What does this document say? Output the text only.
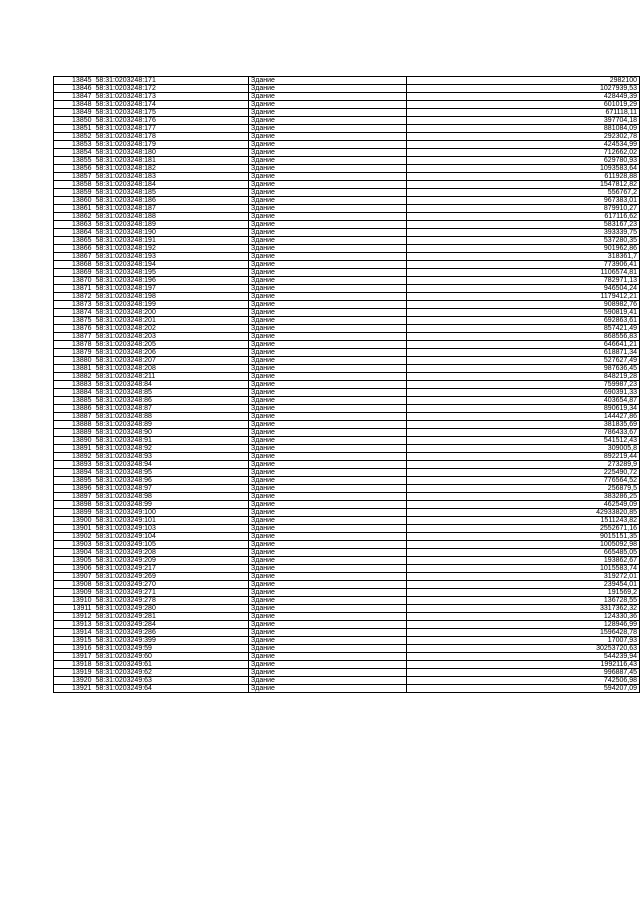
13845	58:31:0203248:171	Здание	2982100
13846	58:31:0203248:172	Здание	1027939,53
13847	58:31:0203248:173	Здание	428449,39
13848	58:31:0203248:174	Здание	601019,29
13849	58:31:0203248:175	Здание	671118,11
13850	58:31:0203248:176	Здание	397704,18
13851	58:31:0203248:177	Здание	881084,09
13852	58:31:0203248:178	Здание	292302,78
13853	58:31:0203248:179	Здание	424534,99
13854	58:31:0203248:180	Здание	712662,02
13855	58:31:0203248:181	Здание	629780,93
13856	58:31:0203248:182	Здание	1093583,64
13857	58:31:0203248:183	Здание	611928,88
13858	58:31:0203248:184	Здание	1547812,82
13859	58:31:0203248:185	Здание	556767,2
13860	58:31:0203248:186	Здание	967383,01
13861	58:31:0203248:187	Здание	879910,27
13862	58:31:0203248:188	Здание	617116,62
13863	58:31:0203248:189	Здание	583167,23
13864	58:31:0203248:190	Здание	393339,75
13865	58:31:0203248:191	Здание	537280,35
13866	58:31:0203248:192	Здание	901962,86
13867	58:31:0203248:193	Здание	318361,7
13868	58:31:0203248:194	Здание	773906,41
13869	58:31:0203248:195	Здание	1106574,81
13870	58:31:0203248:196	Здание	782971,13
13871	58:31:0203248:197	Здание	946504,24
13872	58:31:0203248:198	Здание	1179412,21
13873	58:31:0203248:199	Здание	908982,76
13874	58:31:0203248:200	Здание	590819,41
13875	58:31:0203248:201	Здание	692863,61
13876	58:31:0203248:202	Здание	857421,49
13877	58:31:0203248:203	Здание	868556,83
13878	58:31:0203248:205	Здание	646641,21
13879	58:31:0203248:206	Здание	618871,34
13880	58:31:0203248:207	Здание	527627,49
13881	58:31:0203248:208	Здание	987636,45
13882	58:31:0203248:211	Здание	848219,28
13883	58:31:0203248:84	Здание	759987,23
13884	58:31:0203248:85	Здание	690391,33
13885	58:31:0203248:86	Здание	403654,87
13886	58:31:0203248:87	Здание	890619,34
13887	58:31:0203248:88	Здание	144427,86
13888	58:31:0203248:89	Здание	381835,69
13889	58:31:0203248:90	Здание	786433,67
13890	58:31:0203248:91	Здание	541512,43
13891	58:31:0203248:92	Здание	309005,8
13892	58:31:0203248:93	Здание	892219,44
13893	58:31:0203248:94	Здание	273289,9
13894	58:31:0203248:95	Здание	225490,72
13895	58:31:0203248:96	Здание	776564,52
13896	58:31:0203248:97	Здание	256879,5
13897	58:31:0203248:98	Здание	383286,25
13898	58:31:0203248:99	Здание	462549,09
13899	58:31:0203249:100	Здание	42933820,85
13900	58:31:0203249:101	Здание	1511243,82
13901	58:31:0203249:103	Здание	2552671,16
13902	58:31:0203249:104	Здание	9015151,35
13903	58:31:0203249:105	Здание	1005092,98
13904	58:31:0203249:208	Здание	665485,05
13905	58:31:0203249:209	Здание	193862,67
13906	58:31:0203249:217	Здание	1015583,74
13907	58:31:0203249:269	Здание	319272,01
13908	58:31:0203249:270	Здание	239454,01
13909	58:31:0203249:271	Здание	191569,2
13910	58:31:0203249:278	Здание	136728,55
13911	58:31:0203249:280	Здание	3317362,32
13912	58:31:0203249:281	Здание	124330,36
13913	58:31:0203249:284	Здание	128946,99
13914	58:31:0203249:286	Здание	1596428,78
13915	58:31:0203249:399	Здание	17007,93
13916	58:31:0203249:59	Здание	30253720,63
13917	58:31:0203249:60	Здание	544239,94
13918	58:31:0203249:61	Здание	1992116,43
13919	58:31:0203249:62	Здание	996887,45
13920	58:31:0203249:63	Здание	742506,98
13921	58:31:0203249:64	Здание	594207,09
